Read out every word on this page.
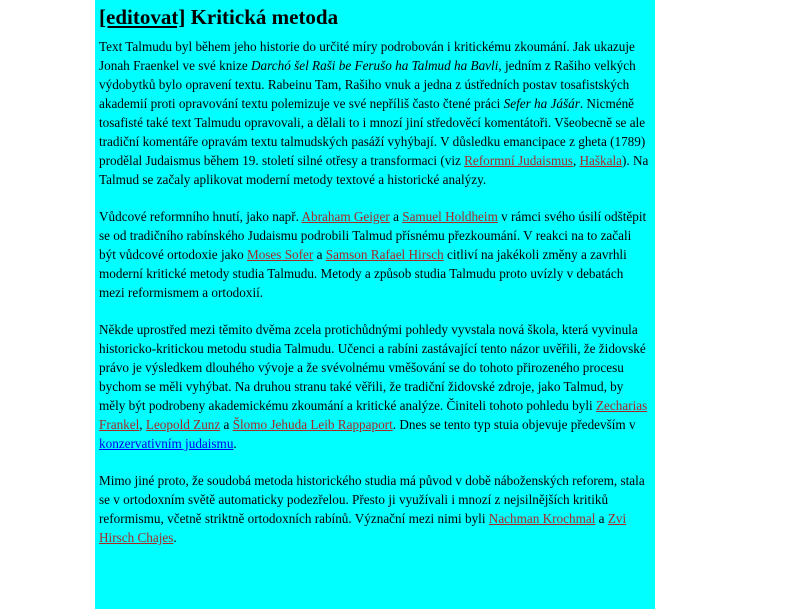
[editovat] Kritická metoda

Text Talmudu byl během jeho historie do určité míry podrobován i kritickému zkoumání. Jak ukazuje Jonah Fraenkel ve své knize Darchó šel Raši be Ferušo ha Talmud ha Bavli, jedním z Rašiho velkých výdobytků bylo opravení textu. Rabeinu Tam, Rašiho vnuk a jedna z ústředních postav tosafistských akademií proti opravování textu polemizuje ve své nepříliš často čtené práci Sefer ha Jášár. Nicméně tosafisté také text Talmudu opravovali, a dělali to i mnozí jiní středověcí komentátoři. Všeobecně se ale tradiční komentáře opravám textu talmudských pasáží vyhýbají. V důsledku emancipace z gheta (1789) prodělal Judaismus během 19. století silné otřesy a transformaci (viz Reformní Judaismus, Haškala). Na Talmud se začaly aplikovat moderní metody textové a historické analýzy.

Vůdcové reformního hnutí, jako např. Abraham Geiger a Samuel Holdheim v rámci svého úsilí odštěpit se od tradičního rabínského Judaismu podrobili Talmud přísnému přezkoumání. V reakci na to začali být vůdcové ortodoxie jako Moses Sofer a Samson Rafael Hirsch citliví na jakékoli změny a zavrhli moderní kritické metody studia Talmudu. Metody a způsob studia Talmudu proto uvízly v debatách mezi reformismem a ortodoxií.

Někde uprostřed mezi těmito dvěma zcela protichůdnými pohledy vyvstala nová škola, která vyvinula historicko-kritickou metodu studia Talmudu. Učenci a rabíni zastávající tento názor uvěřili, že židovské právo je výsledkem dlouhého vývoje a že svévolnému vměšování se do tohoto přirozeného procesu bychom se měli vyhýbat. Na druhou stranu také věřili, že tradiční židovské zdroje, jako Talmud, by měly být podrobeny akademickému zkoumání a kritické analýze. Činiteli tohoto pohledu byli Zecharias Frankel, Leopold Zunz a Šlomo Jehuda Leib Rappaport. Dnes se tento typ stuia objevuje především v konzervativním judaismu.

Mimo jiné proto, že soudobá metoda historického studia má původ v době náboženských reforem, stala se v ortodoxním světě automaticky podezřelou. Přesto ji využívali i mnozí z nejsilnějších kritiků reformismu, včetně striktně ortodoxních rabínů. Význační mezi nimi byli Nachman Krochmal a Zvi Hirsch Chajes.
